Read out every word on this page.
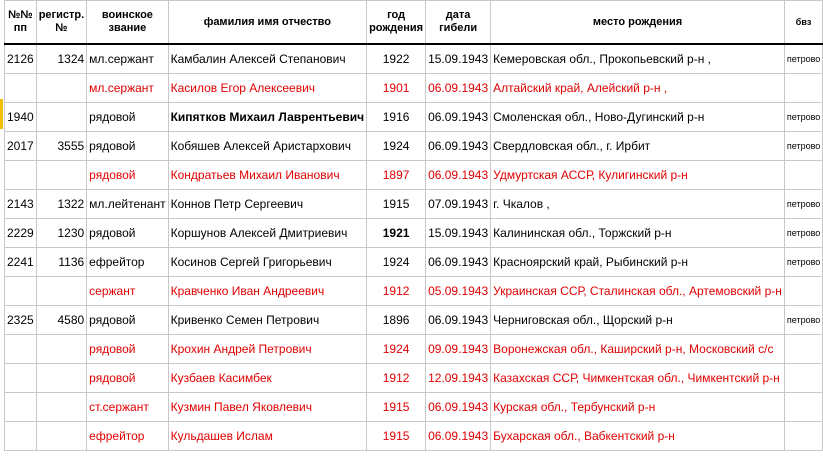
№№ пп	регистр. №	воинское звание	фамилия имя отчество	год рождения	дата гибели	место рождения	бвз
2126	1324	мл.сержант	Камбалин Алексей Степанович	1922	15.09.1943	Кемеровская обл., Прокопьевский р-н ,	петрово
		мл.сержант	Касилов Егор Алексеевич	1901	06.09.1943	Алтайский край, Алейский р-н ,	
1940		рядовой	Кипятков Михаил Лаврентьевич	1916	06.09.1943	Смоленская обл., Ново-Дугинский р-н	петрово
2017	3555	рядовой	Кобяшев Алексей Аристархович	1924	06.09.1943	Свердловская обл., г. Ирбит	петрово
		рядовой	Кондратьев Михаил Иванович	1897	06.09.1943	Удмуртская АССР, Кулигинский р-н	
2143	1322	мл.лейтенант	Коннов Петр Сергеевич	1915	07.09.1943	г. Чкалов ,	петрово
2229	1230	рядовой	Коршунов Алексей Дмитриевич	1921	15.09.1943	Калининская обл., Торжский р-н	петрово
2241	1136	ефрейтор	Косинов Сергей Григорьевич	1924	06.09.1943	Красноярский край, Рыбинский р-н	петрово
		сержант	Кравченко Иван Андреевич	1912	05.09.1943	Украинская ССР, Сталинская обл., Артемовский р-н	
2325	4580	рядовой	Кривенко Семен Петрович	1896	06.09.1943	Черниговская обл., Щорский р-н	петрово
		рядовой	Крохин Андрей Петрович	1924	09.09.1943	Воронежская обл., Каширский р-н, Московский с/с	
		рядовой	Кузбаев Касимбек	1912	12.09.1943	Казахская ССР, Чимкентская обл., Чимкентский р-н	
		ст.сержант	Кузмин Павел Яковлевич	1915	06.09.1943	Курская обл., Тербунский р-н	
		ефрейтор	Кульдашев Ислам	1915	06.09.1943	Бухарская обл., Вабкентский р-н	
